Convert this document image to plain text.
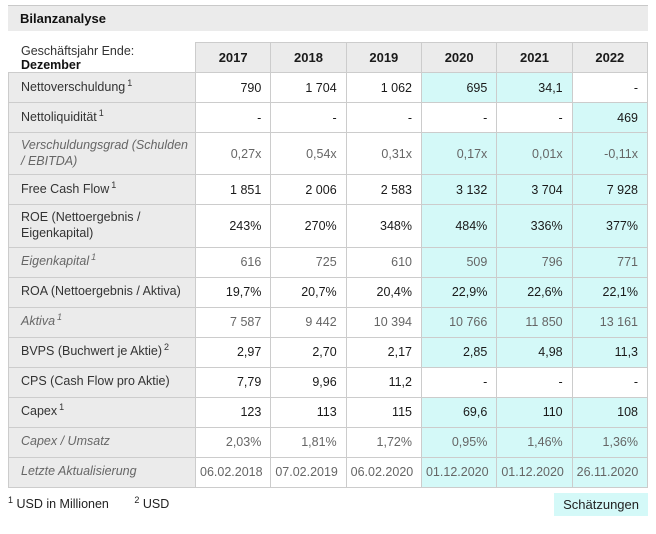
Bilanzanalyse
Geschäftsjahr Ende: Dezember	2017	2018	2019	2020	2021	2022
Nettoverschuldung $^1$	790	1 704	1 062	695	34,1	-
Nettoliquidität $^1$	-	-	-	-	-	469
Verschuldungsgrad (Schulden / EBITDA)	0,27x	0,54x	0,31x	0,17x	0,01x	-0,11x
Free Cash Flow $^1$	1 851	2 006	2 583	3 132	3 704	7 928
ROE (Nettoergebnis / Eigenkapital)	243%	270%	348%	484%	336%	377%
Eigenkapital $^1$	616	725	610	509	796	771
ROA (Nettoergebnis / Aktiva)	19,7%	20,7%	20,4%	22,9%	22,6%	22,1%
Aktiva $^1$	7 587	9 442	10 394	10 766	11 850	13 161
BVPS (Buchwert je Aktie) $^2$	2,97	2,70	2,17	2,85	4,98	11,3
CPS (Cash Flow pro Aktie)	7,79	9,96	11,2	-	-	-
Capex $^1$	123	113	115	69,6	110	108
Capex / Umsatz	2,03%	1,81%	1,72%	0,95%	1,46%	1,36%
Letzte Aktualisierung	06.02.2018	07.02.2019	06.02.2020	01.12.2020	01.12.2020	26.11.2020
$^1$ USD in Millionen	$^2$ USD	Schätzungen
